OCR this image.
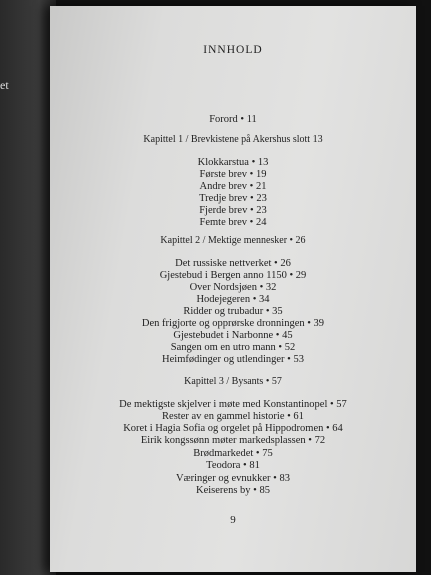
et
INNHOLD
Forord • 11
Kapittel 1 / Brevkistene på Akershus slott 13
Klokkarstua • 13
Første brev • 19
Andre brev • 21
Tredje brev • 23
Fjerde brev • 23
Femte brev • 24
Kapittel 2 / Mektige mennesker • 26
Det russiske nettverket • 26
Gjestebud i Bergen anno 1150 • 29
Over Nordsjøen • 32
Hodejegeren • 34
Ridder og trubadur • 35
Den frigjorte og opprørske dronningen • 39
Gjestebudet i Narbonne • 45
Sangen om en utro mann • 52
Heimfødinger og utlendinger • 53
Kapittel 3 / Bysants • 57
De mektigste skjelver i møte med Konstantinopel • 57
Rester av en gammel historie • 61
Koret i Hagia Sofia og orgelet på Hippodromen • 64
Eirik kongssønn møter markedsplassen • 72
Brødmarkedet • 75
Teodora • 81
Væringer og evnukker • 83
Keiserens by • 85
9
